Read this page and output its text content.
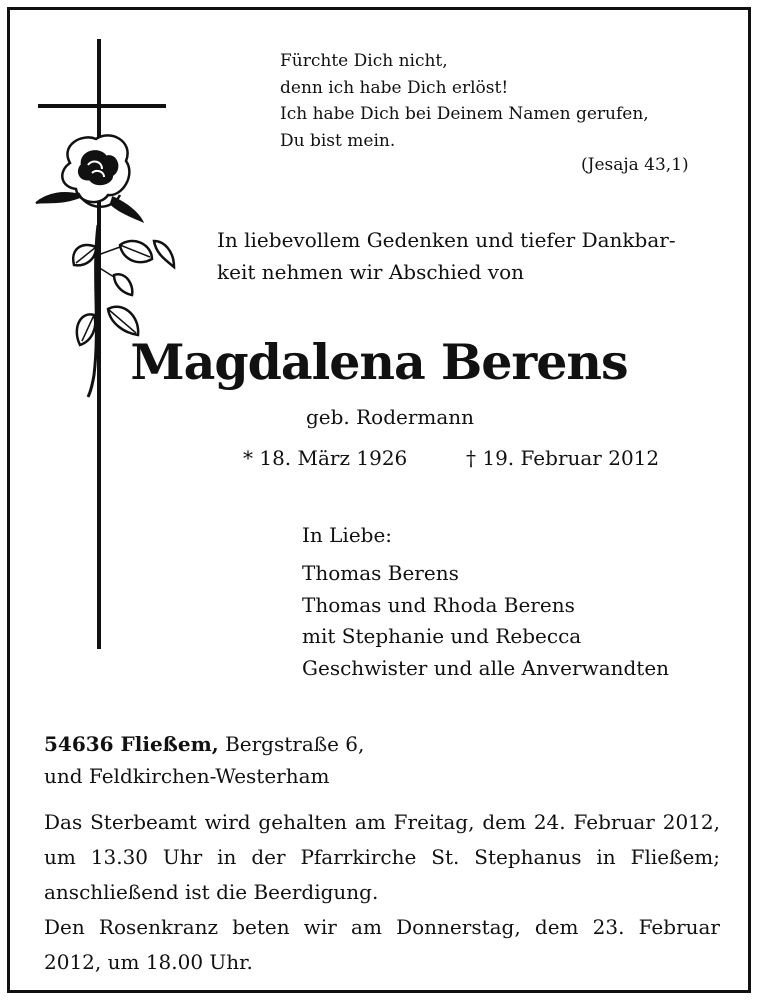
Fürchte Dich nicht,
denn ich habe Dich erlöst!
Ich habe Dich bei Deinem Namen gerufen,
Du bist mein.
(Jesaja 43,1)
In liebevollem Gedenken und tiefer Dankbar-
keit nehmen wir Abschied von
Magdalena Berens
geb. Rodermann
* 18. März 1926	† 19. Februar 2012
In Liebe:
Thomas Berens
Thomas und Rhoda Berens
mit Stephanie und Rebecca
Geschwister und alle Anverwandten
54636 Fließem, Bergstraße 6,
und Feldkirchen-Westerham
Das Sterbeamt wird gehalten am Freitag, dem 24. Februar 2012, um 13.30 Uhr in der Pfarrkirche St. Stephanus in Fließem; anschließend ist die Beerdigung.
Den Rosenkranz beten wir am Donnerstag, dem 23. Februar 2012, um 18.00 Uhr.
